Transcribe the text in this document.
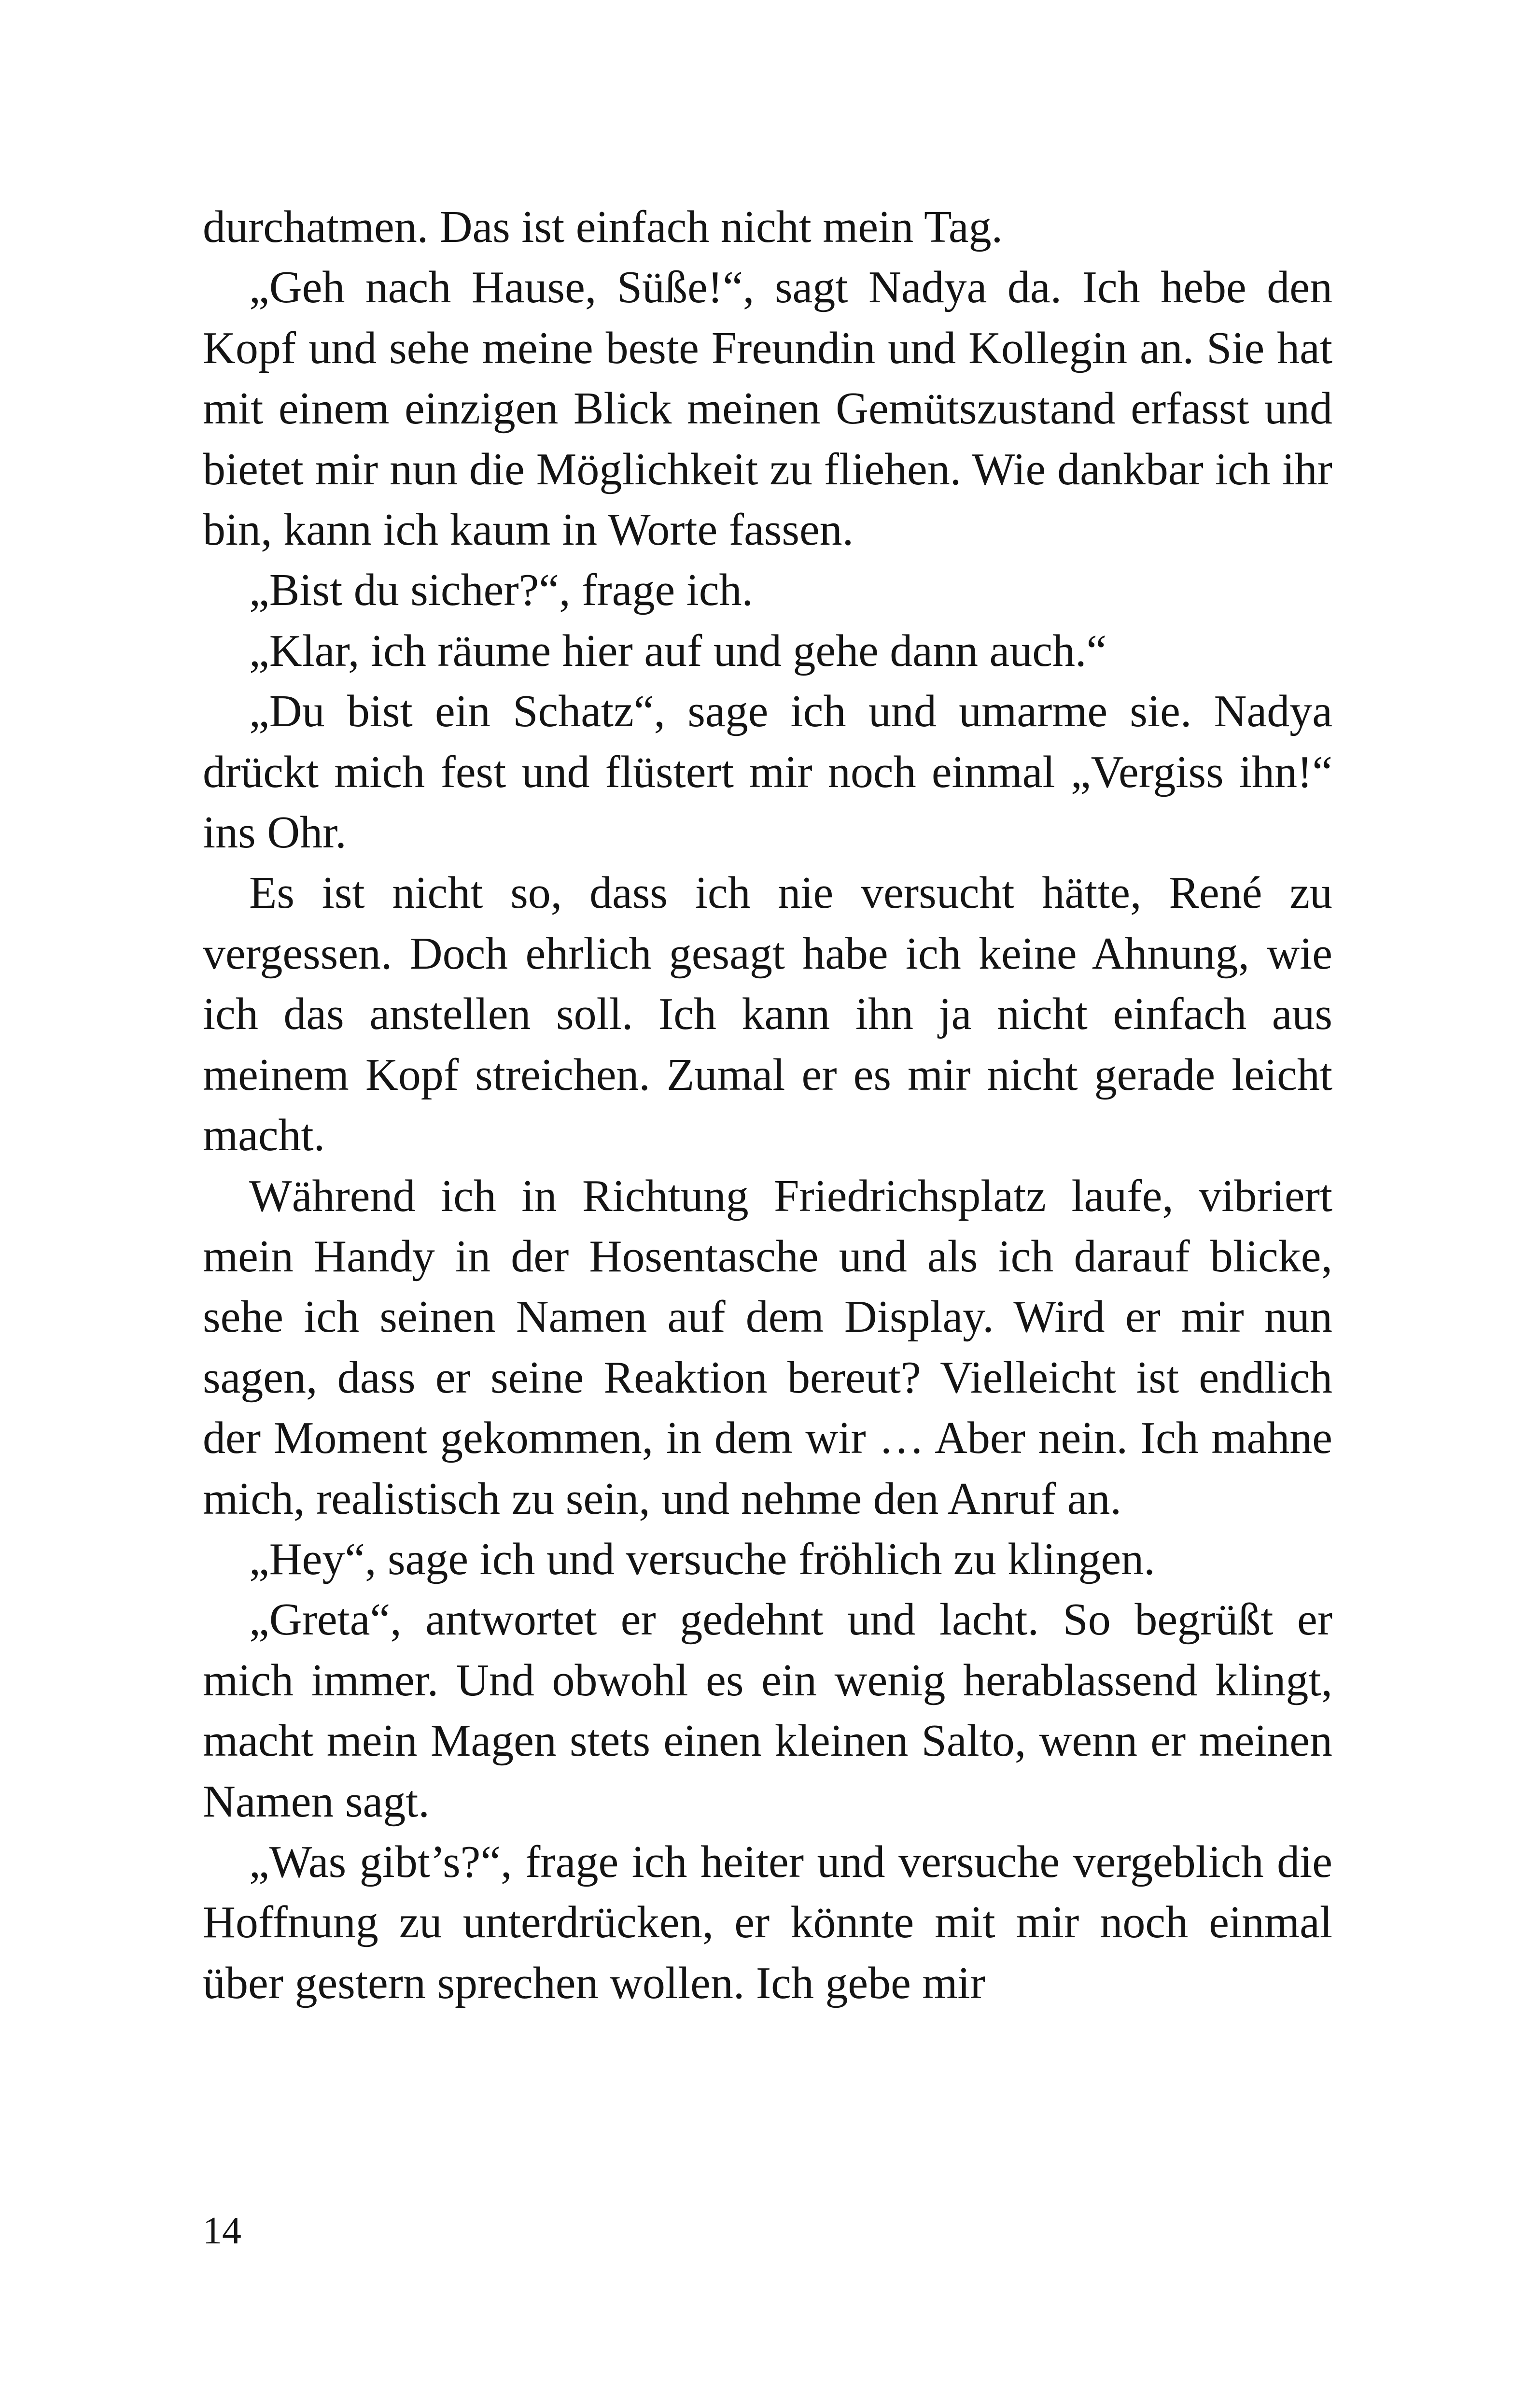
durchatmen. Das ist einfach nicht mein Tag.

„Geh nach Hause, Süße!“, sagt Nadya da. Ich hebe den Kopf und sehe meine beste Freundin und Kollegin an. Sie hat mit einem einzigen Blick meinen Gemütszustand erfasst und bietet mir nun die Möglichkeit zu fliehen. Wie dankbar ich ihr bin, kann ich kaum in Worte fassen.

„Bist du sicher?“, frage ich.

„Klar, ich räume hier auf und gehe dann auch.“

„Du bist ein Schatz“, sage ich und umarme sie. Nadya drückt mich fest und flüstert mir noch einmal „Vergiss ihn!“ ins Ohr.

Es ist nicht so, dass ich nie versucht hätte, René zu vergessen. Doch ehrlich gesagt habe ich keine Ahnung, wie ich das anstellen soll. Ich kann ihn ja nicht einfach aus meinem Kopf streichen. Zumal er es mir nicht gerade leicht macht.

Während ich in Richtung Friedrichsplatz laufe, vibriert mein Handy in der Hosentasche und als ich darauf blicke, sehe ich seinen Namen auf dem Display. Wird er mir nun sagen, dass er seine Reaktion bereut? Vielleicht ist endlich der Moment gekommen, in dem wir … Aber nein. Ich mahne mich, realistisch zu sein, und nehme den Anruf an.

„Hey“, sage ich und versuche fröhlich zu klingen.

„Greta“, antwortet er gedehnt und lacht. So begrüßt er mich immer. Und obwohl es ein wenig herablassend klingt, macht mein Magen stets einen kleinen Salto, wenn er meinen Namen sagt.

„Was gibt’s?“, frage ich heiter und versuche vergeblich die Hoffnung zu unterdrücken, er könnte mit mir noch einmal über gestern sprechen wollen. Ich gebe mir

14
